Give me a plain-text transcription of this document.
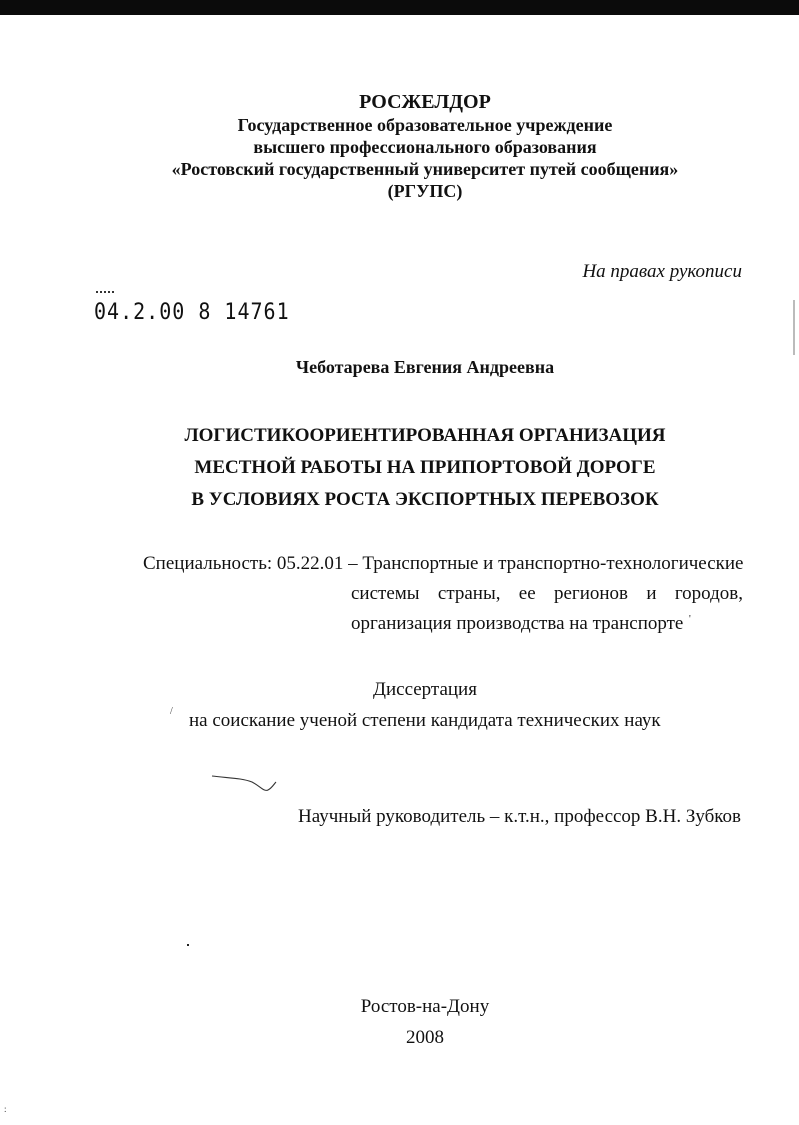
РОСЖЕЛДОР
Государственное образовательное учреждение
высшего профессионального образования
«Ростовский государственный университет путей сообщения»
(РГУПС)
На правах рукописи
04.2.00 8 14761
Чеботарева Евгения Андреевна
ЛОГИСТИКООРИЕНТИРОВАННАЯ ОРГАНИЗАЦИЯ
МЕСТНОЙ РАБОТЫ НА ПРИПОРТОВОЙ ДОРОГЕ
В УСЛОВИЯХ РОСТА ЭКСПОРТНЫХ ПЕРЕВОЗОК
Специальность: 05.22.01 – Транспортные и транспортно-технологические
системы страны, ее регионов и городов,
организация производства на транспорте '
Диссертация
/ на соискание ученой степени кандидата технических наук
Научный руководитель – к.т.н., профессор В.Н. Зубков
Ростов-на-Дону
2008
:
